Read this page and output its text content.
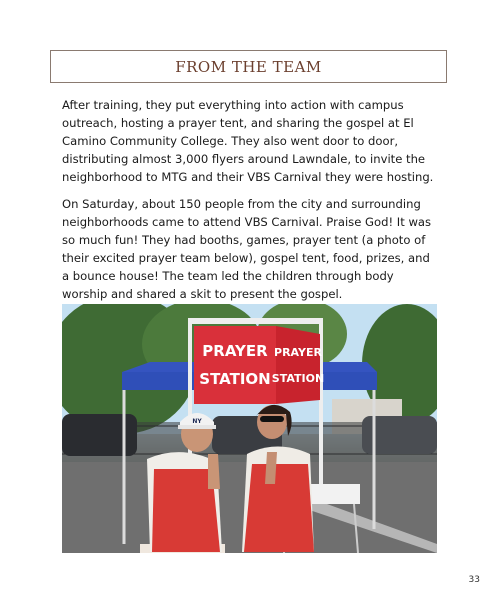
FROM THE TEAM

After training, they put everything into action with campus outreach, hosting a prayer tent, and sharing the gospel at El Camino Community College. They also went door to door, distributing almost 3,000 flyers around Lawndale, to invite the neighborhood to MTG and their VBS Carnival they were hosting.

On Saturday, about 150 people from the city and surrounding neighborhoods came to attend VBS Carnival. Praise God! It was so much fun! They had booths, games, prayer tent (a photo of their excited prayer team below), gospel tent, food, prizes, and a bounce house! The team led the children through body worship and shared a skit to present the gospel.

PRAYER
STATION
PRAYER
STATION
NY
33
